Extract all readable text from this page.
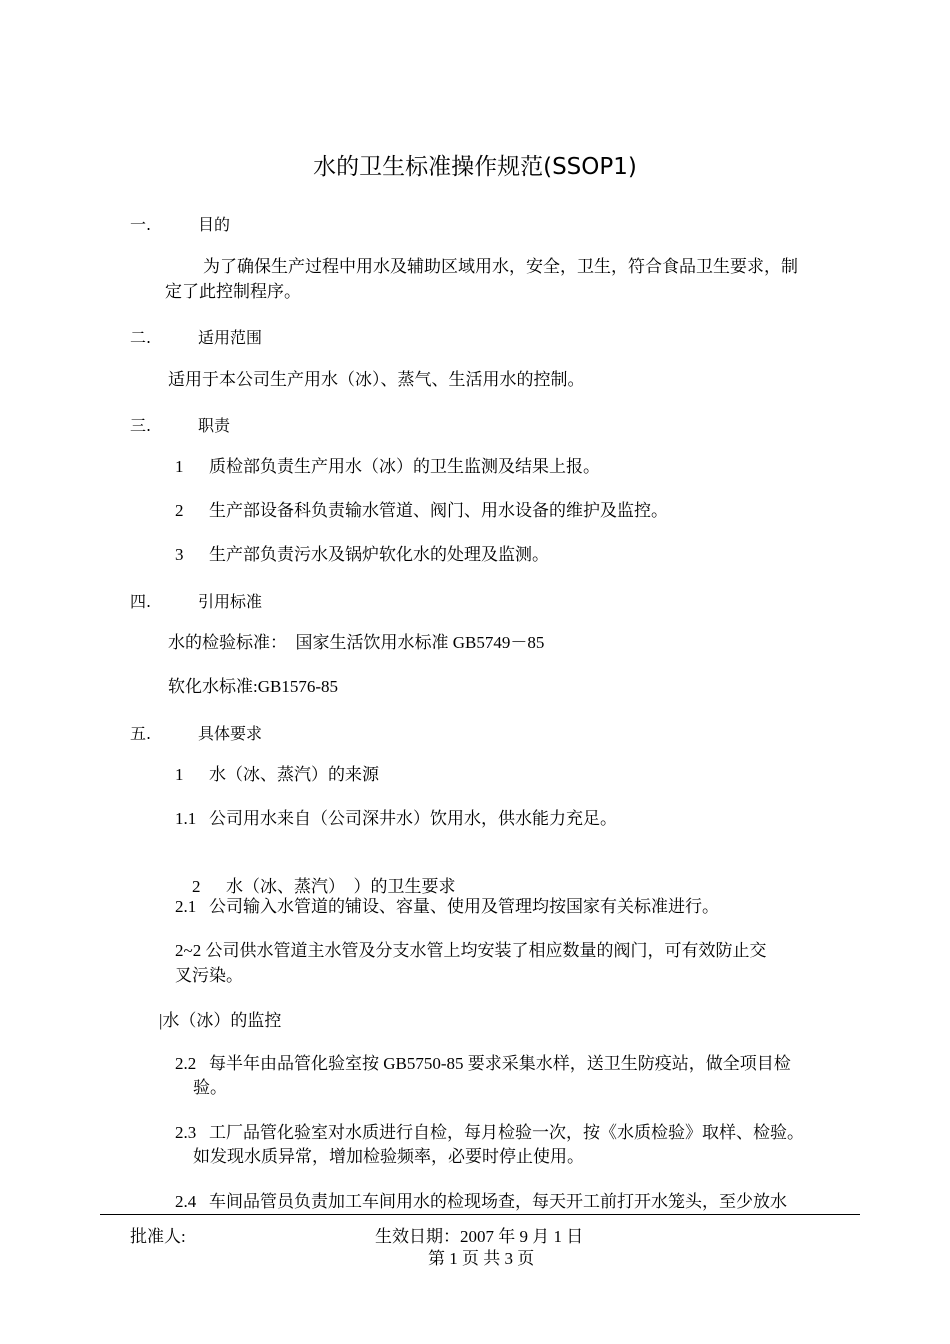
水的卫生标准操作规范(SSOP1)
一.	目的
为了确保生产过程中用水及辅助区域用水，安全，卫生，符合食品卫生要求，制
定了此控制程序。
二.	适用范围
适用于本公司生产用水（冰）、蒸气、生活用水的控制。
三.	职责
1 质检部负责生产用水（冰）的卫生监测及结果上报。
2 生产部设备科负责输水管道、阀门、用水设备的维护及监控。
3 生产部负责污水及锅炉软化水的处理及监测。
四.	引用标准
水的检验标准：  国家生活饮用水标准 GB5749－85
软化水标准:GB1576-85
五.	具体要求
1 水（冰、蒸汽）的来源
1.1 公司用水来自（公司深井水）饮用水，供水能力充足。

2 水（冰、蒸汽）  ）的卫生要求

2.1 公司输入水管道的铺设、容量、使用及管理均按国家有关标准进行。
2~2 公司供水管道主水管及分支水管上均安装了相应数量的阀门，可有效防止交
叉污染。
|水（冰）的监控
2.2 每半年由品管化验室按 GB5750-85 要求采集水样，送卫生防疫站，做全项目检
验。
2.3 工厂品管化验室对水质进行自检，每月检验一次，按《水质检验》取样、检验。
如发现水质异常，增加检验频率，必要时停止使用。
2.4 车间品管员负责加工车间用水的检现场查，每天开工前打开水笼头，至少放水
批准人:	生效日期：2007 年 9 月 1 日
第 1 页 共 3 页
